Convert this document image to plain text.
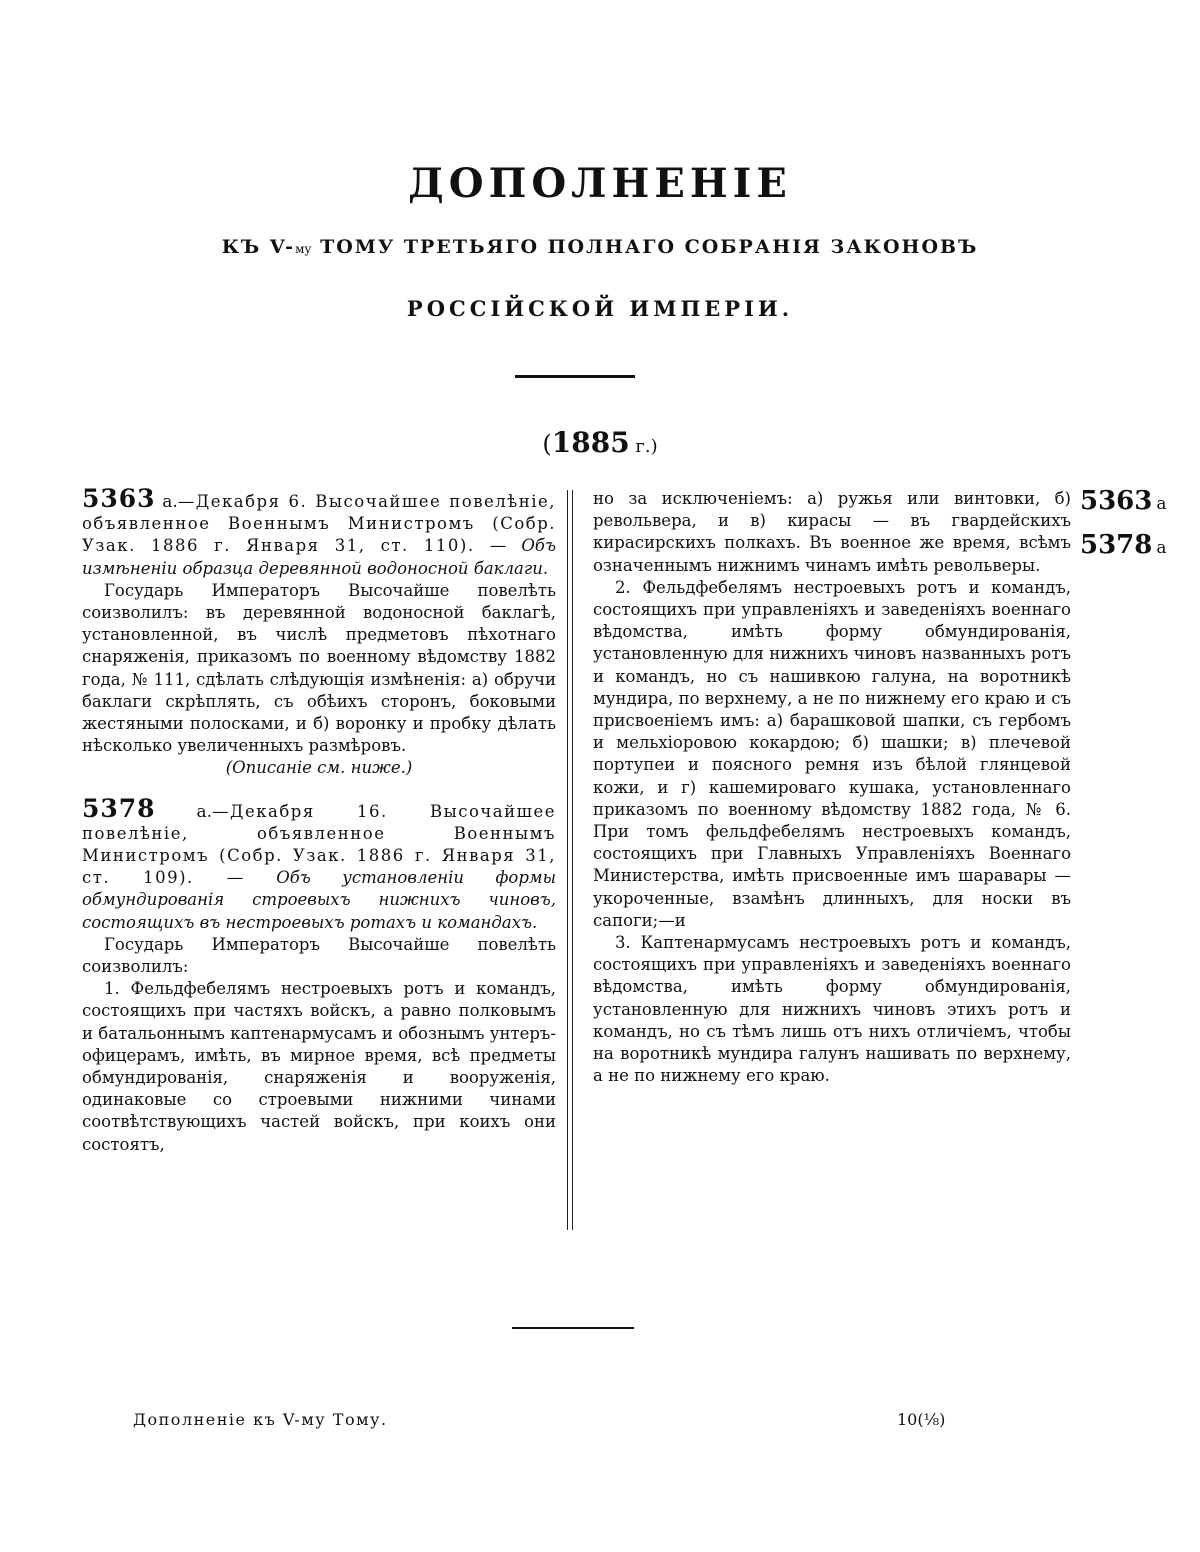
ДОПОЛНЕНІЕ
КЪ V-му ТОМУ ТРЕТЬЯГО ПОЛНАГО СОБРАНІЯ ЗАКОНОВЪ
РОССІЙСКОЙ ИМПЕРІИ.
(1885 г.)

5363 а.—Декабря 6. Высочайшее повелѣніе, объявленное Военнымъ Министромъ (Собр. Узак. 1886 г. Января 31, ст. 110). — Объ измѣненіи образца деревянной водоносной баклаги.

Государь Императоръ Высочайше повелѣть соизволилъ: въ деревянной водоносной баклагѣ, установленной, въ числѣ предметовъ пѣхотнаго снаряженія, приказомъ по военному вѣдомству 1882 года, № 111, сдѣлать слѣдующія измѣненія: а) обручи баклаги скрѣплять, съ обѣихъ сторонъ, боковыми жестяными полосками, и б) воронку и пробку дѣлать нѣсколько увеличенныхъ размѣровъ.

(Описаніе см. ниже.)

5378 а.—Декабря 16. Высочайшее повелѣніе, объявленное Военнымъ Министромъ (Собр. Узак. 1886 г. Января 31, ст. 109). — Объ установленіи формы обмундированія строевыхъ нижнихъ чиновъ, состоящихъ въ нестроевыхъ ротахъ и командахъ.

Государь Императоръ Высочайше повелѣть соизволилъ:

1. Фельдфебелямъ нестроевыхъ ротъ и командъ, состоящихъ при частяхъ войскъ, а равно полковымъ и батальоннымъ каптенармусамъ и обознымъ унтеръ-офицерамъ, имѣть, въ мирное время, всѣ предметы обмундированія, снаряженія и вооруженія, одинаковые со строевыми нижними чинами соотвѣтствующихъ частей войскъ, при коихъ они состоятъ,

но за исключеніемъ: а) ружья или винтовки, б) револьвера, и в) кирасы — въ гвардейскихъ кирасирскихъ полкахъ. Въ военное же время, всѣмъ означеннымъ нижнимъ чинамъ имѣть револьверы.

2. Фельдфебелямъ нестроевыхъ ротъ и командъ, состоящихъ при управленіяхъ и заведеніяхъ военнаго вѣдомства, имѣть форму обмундированія, установленную для нижнихъ чиновъ названныхъ ротъ и командъ, но съ нашивкою галуна, на воротникѣ мундира, по верхнему, а не по нижнему его краю и съ присвоеніемъ имъ: а) барашковой шапки, съ гербомъ и мельхіоровою кокардою; б) шашки; в) плечевой портупеи и поясного ремня изъ бѣлой глянцевой кожи, и г) кашемироваго кушака, установленнаго приказомъ по военному вѣдомству 1882 года, № 6. При томъ фельдфебелямъ нестроевыхъ командъ, состоящихъ при Главныхъ Управленіяхъ Военнаго Министерства, имѣть присвоенные имъ шаравары — укороченные, взамѣнъ длинныхъ, для носки въ сапоги;—и

3. Каптенармусамъ нестроевыхъ ротъ и командъ, состоящихъ при управленіяхъ и заведеніяхъ военнаго вѣдомства, имѣть форму обмундированія, установленную для нижнихъ чиновъ этихъ ротъ и командъ, но съ тѣмъ лишь отъ нихъ отличіемъ, чтобы на воротникѣ мундира галунъ нашивать по верхнему, а не по нижнему его краю.

5363 а
5378 а
Дополненіе къ V-му Тому.	10(⅛)
